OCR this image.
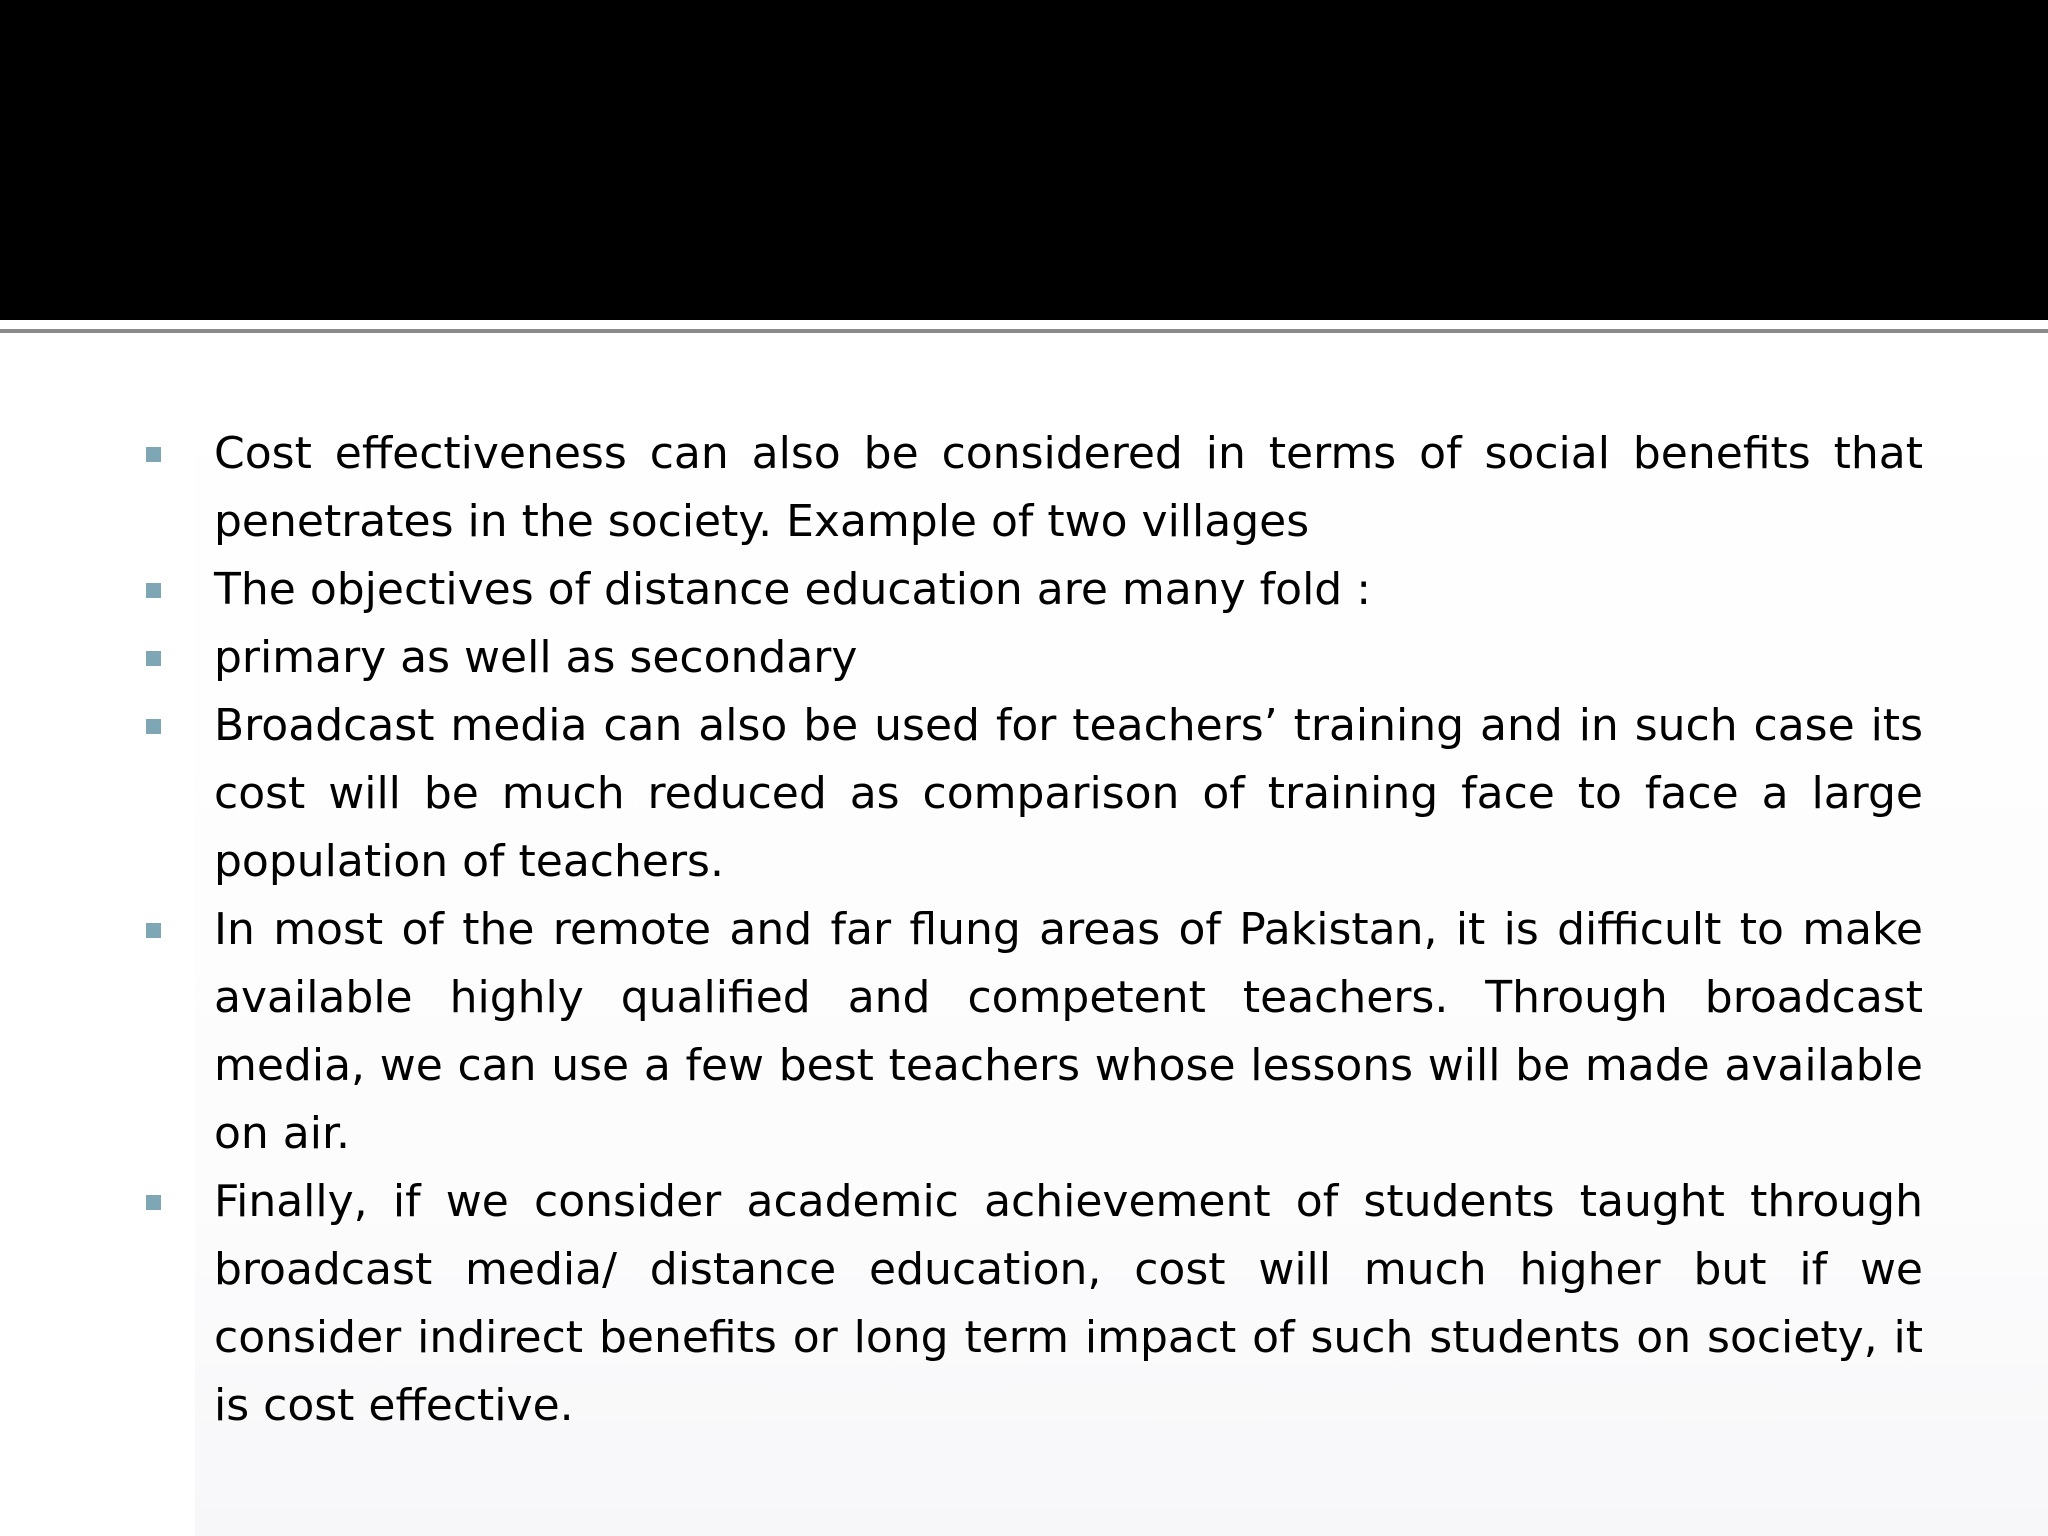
Cost effectiveness can also be considered in terms of social benefits that penetrates in the society. Example of two villages
The objectives of distance education are many fold :
primary as well as secondary
Broadcast media can also be used for teachers’ training and in such case its cost will be much reduced as comparison of training face to face a large population of teachers.
In most of the remote and far flung areas of Pakistan, it is difficult to make available highly qualified and competent teachers. Through broadcast media, we can use a few best teachers whose lessons will be made available on air.
Finally, if we consider academic achievement of students taught through broadcast media/ distance education, cost will much higher but if we consider indirect benefits or long term impact of such students on society, it is cost effective.
